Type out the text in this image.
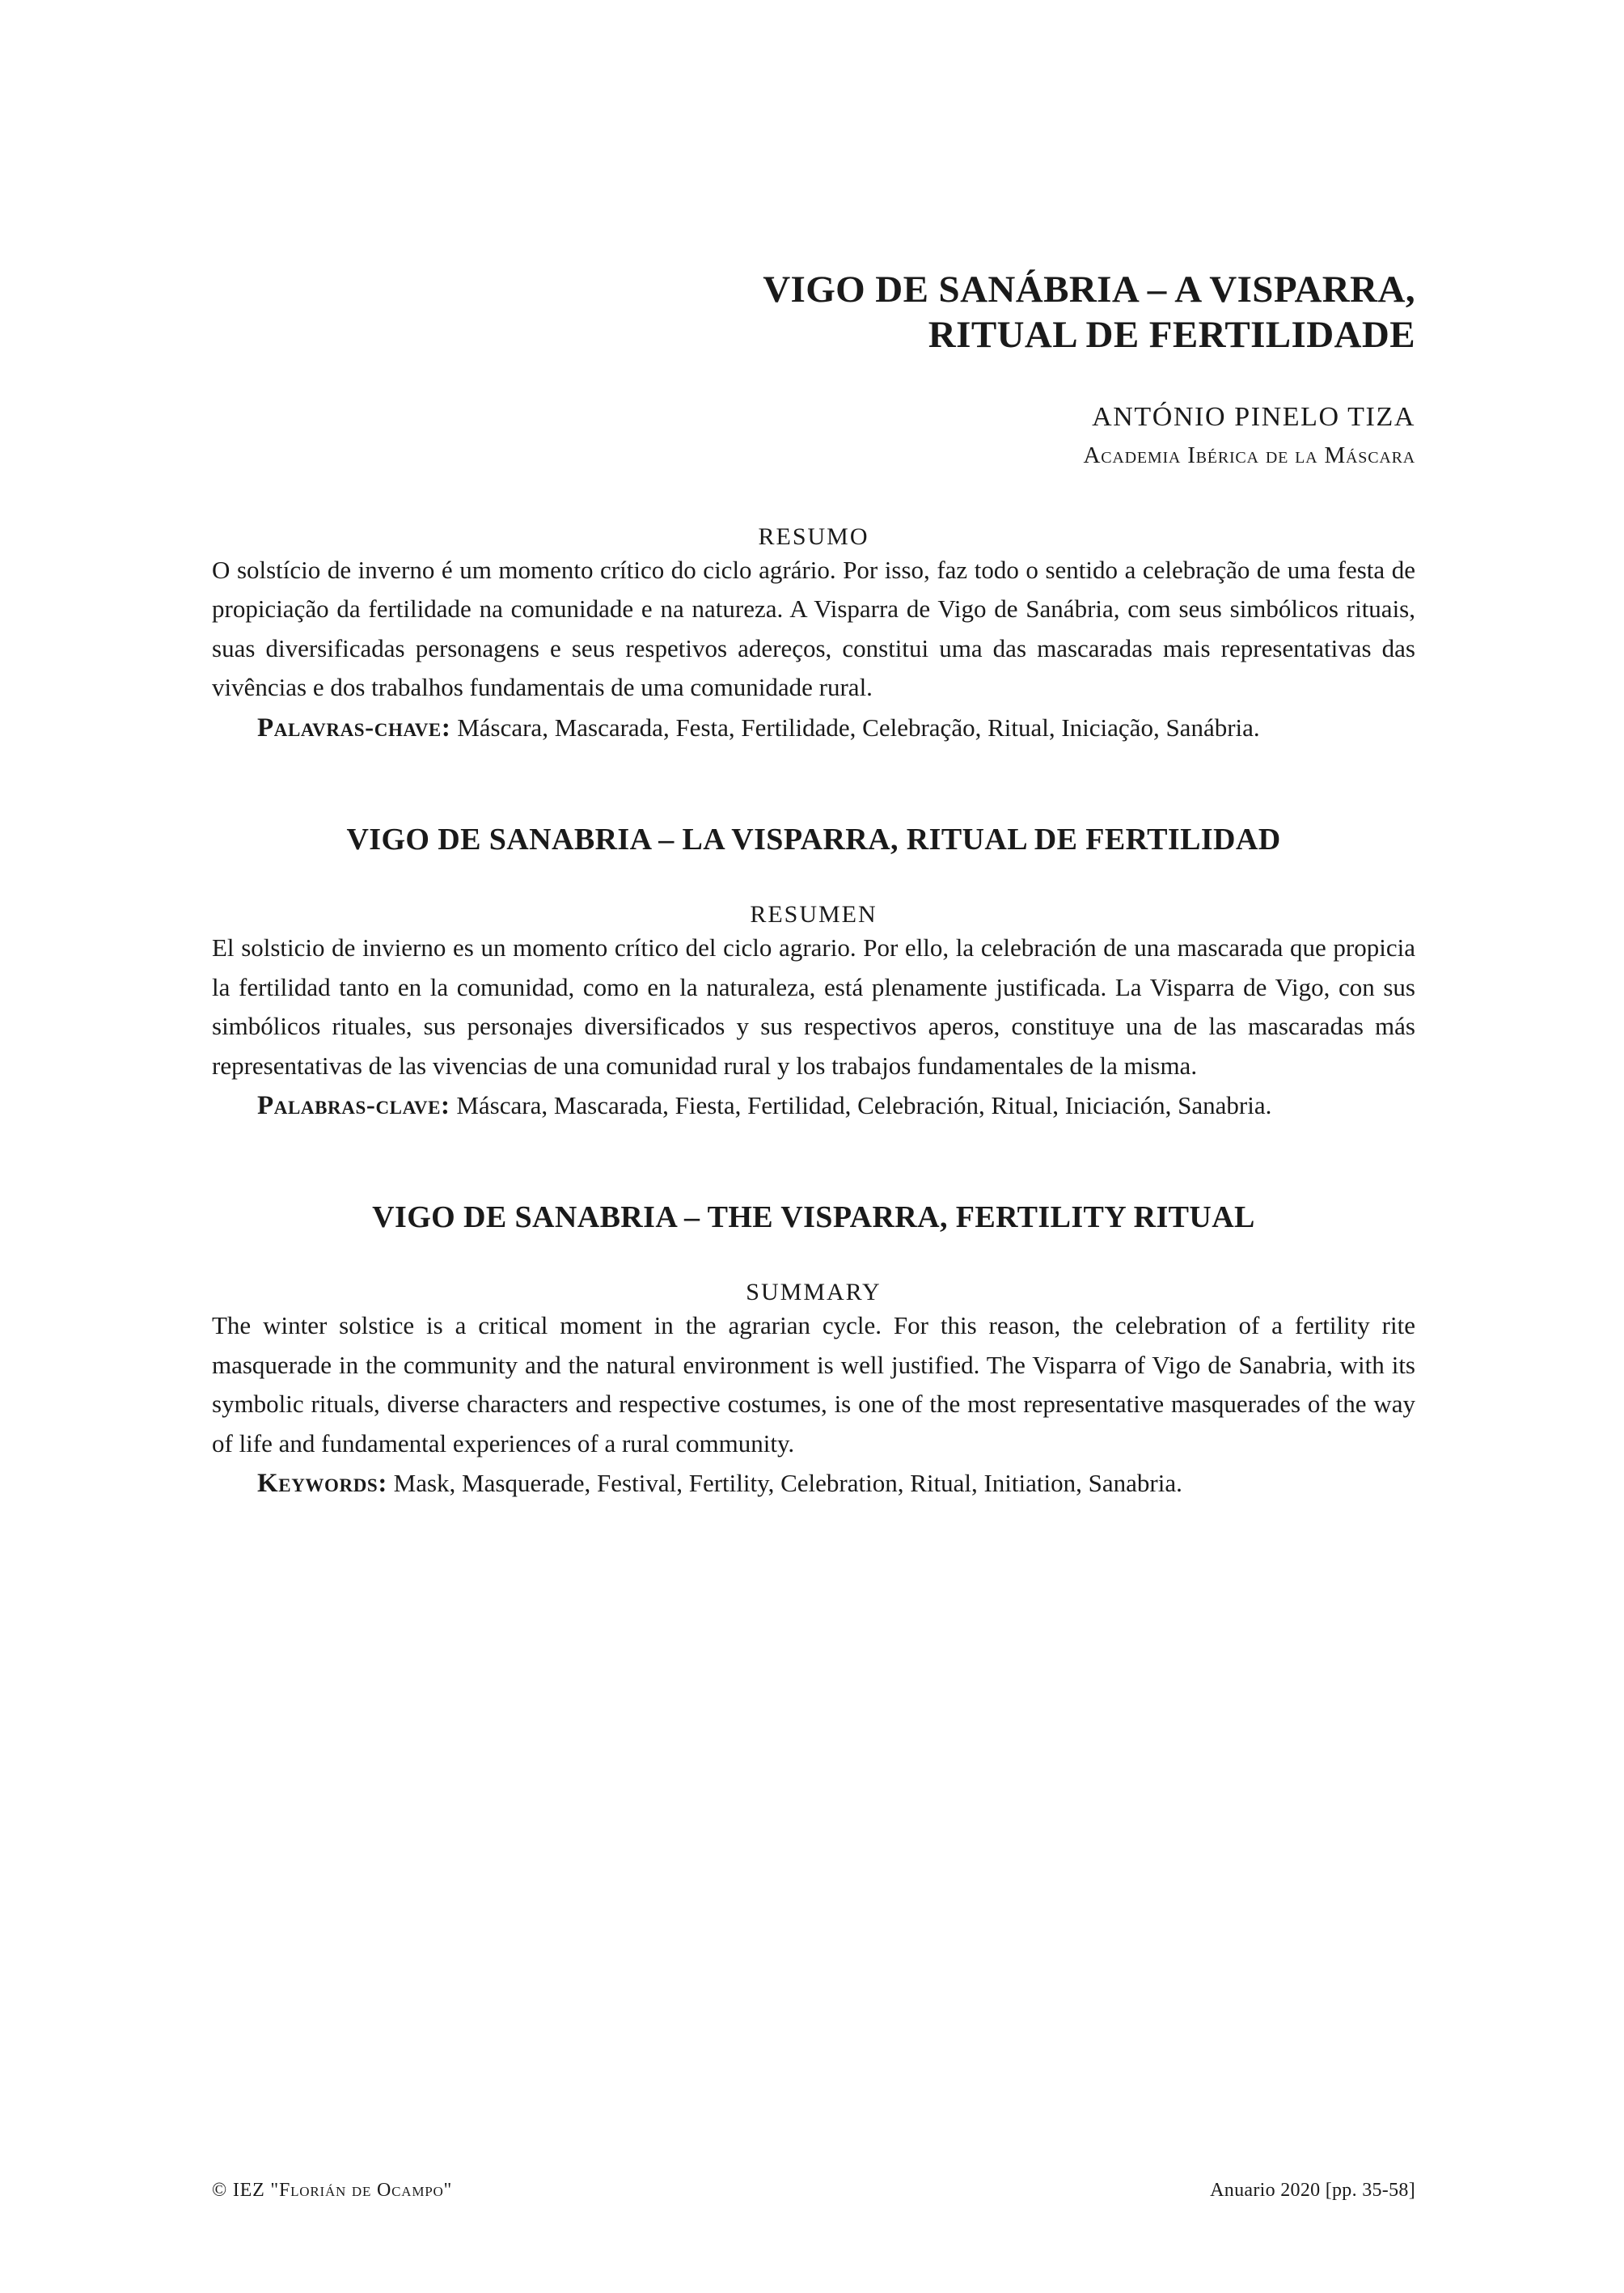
VIGO DE SANÁBRIA – A VISPARRA,
RITUAL DE FERTILIDADE
ANTÓNIO PINELO TIZA
Academia Ibérica de la Máscara
RESUMO

O solstício de inverno é um momento crítico do ciclo agrário. Por isso, faz todo o sentido a celebração de uma festa de propiciação da fertilidade na comunidade e na natureza. A Visparra de Vigo de Sanábria, com seus simbólicos rituais, suas diversificadas personagens e seus respetivos adereços, constitui uma das mascaradas mais representativas das vivências e dos trabalhos fundamentais de uma comunidade rural.

Palavras-chave: Máscara, Mascarada, Festa, Fertilidade, Celebração, Ritual, Iniciação, Sanábria.

VIGO DE SANABRIA – LA VISPARRA, RITUAL DE FERTILIDAD
RESUMEN

El solsticio de invierno es un momento crítico del ciclo agrario. Por ello, la celebración de una mascarada que propicia la fertilidad tanto en la comunidad, como en la naturaleza, está plenamente justificada. La Visparra de Vigo, con sus simbólicos rituales, sus personajes diversificados y sus respectivos aperos, constituye una de las mascaradas más representativas de las vivencias de una comunidad rural y los trabajos fundamentales de la misma.

Palabras-clave: Máscara, Mascarada, Fiesta, Fertilidad, Celebración, Ritual, Iniciación, Sanabria.

VIGO DE SANABRIA – THE VISPARRA, FERTILITY RITUAL
SUMMARY

The winter solstice is a critical moment in the agrarian cycle. For this reason, the celebration of a fertility rite masquerade in the community and the natural environment is well justified. The Visparra of Vigo de Sanabria, with its symbolic rituals, diverse characters and respective costumes, is one of the most representative masquerades of the way of life and fundamental experiences of a rural community.

Keywords: Mask, Masquerade, Festival, Fertility, Celebration, Ritual, Initiation, Sanabria.

© IEZ "Florián de Ocampo"	Anuario 2020 [pp. 35-58]
